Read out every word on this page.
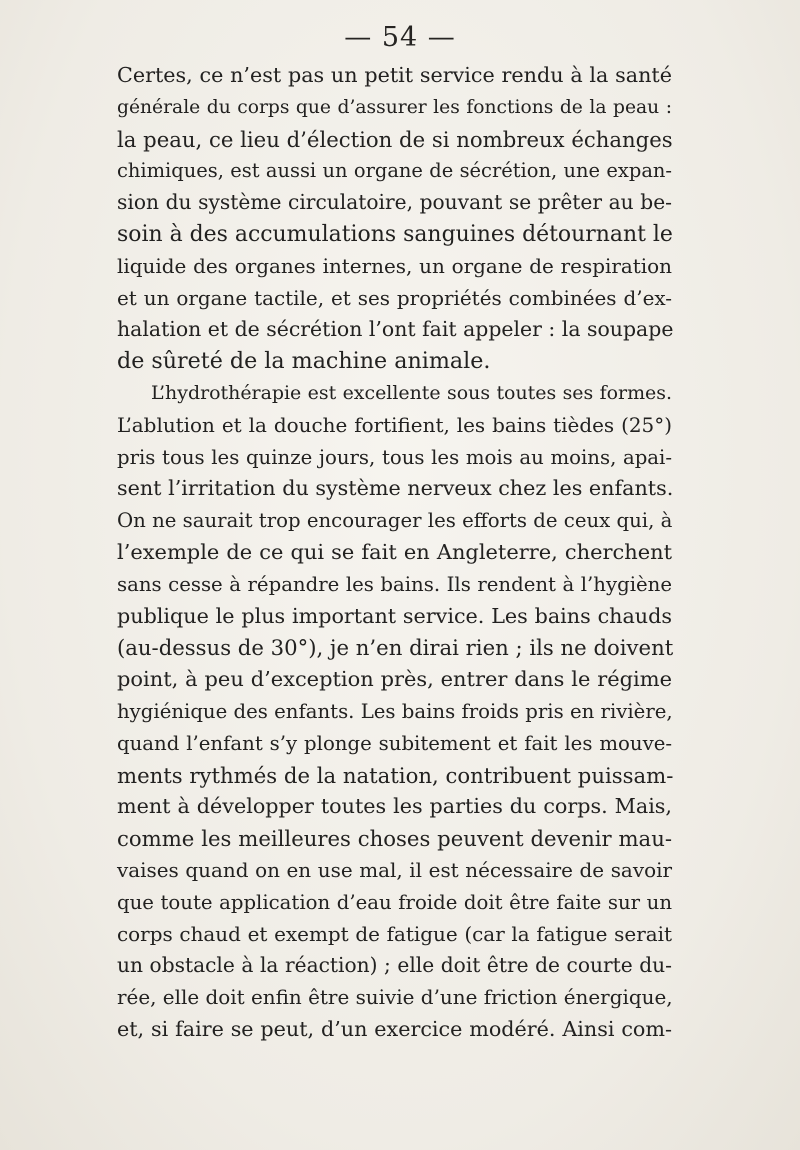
— 54 —
Certes, ce n’est pas un petit service rendu à la santé
générale du corps que d’assurer les fonctions de la peau :
la peau, ce lieu d’élection de si nombreux échanges
chimiques, est aussi un organe de sécrétion, une expan-
sion du système circulatoire, pouvant se prêter au be-
soin à des accumulations sanguines détournant le
liquide des organes internes, un organe de respiration
et un organe tactile, et ses propriétés combinées d’ex-
halation et de sécrétion l’ont fait appeler : la soupape
de sûreté de la machine animale.
L’hydrothérapie est excellente sous toutes ses formes.
L’ablution et la douche fortifient, les bains tièdes (25°)
pris tous les quinze jours, tous les mois au moins, apai-
sent l’irritation du système nerveux chez les enfants.
On ne saurait trop encourager les efforts de ceux qui, à
l’exemple de ce qui se fait en Angleterre, cherchent
sans cesse à répandre les bains. Ils rendent à l’hygiène
publique le plus important service. Les bains chauds
(au-dessus de 30°), je n’en dirai rien ; ils ne doivent
point, à peu d’exception près, entrer dans le régime
hygiénique des enfants. Les bains froids pris en rivière,
quand l’enfant s’y plonge subitement et fait les mouve-
ments rythmés de la natation, contribuent puissam-
ment à développer toutes les parties du corps. Mais,
comme les meilleures choses peuvent devenir mau-
vaises quand on en use mal, il est nécessaire de savoir
que toute application d’eau froide doit être faite sur un
corps chaud et exempt de fatigue (car la fatigue serait
un obstacle à la réaction) ; elle doit être de courte du-
rée, elle doit enfin être suivie d’une friction énergique,
et, si faire se peut, d’un exercice modéré. Ainsi com-
